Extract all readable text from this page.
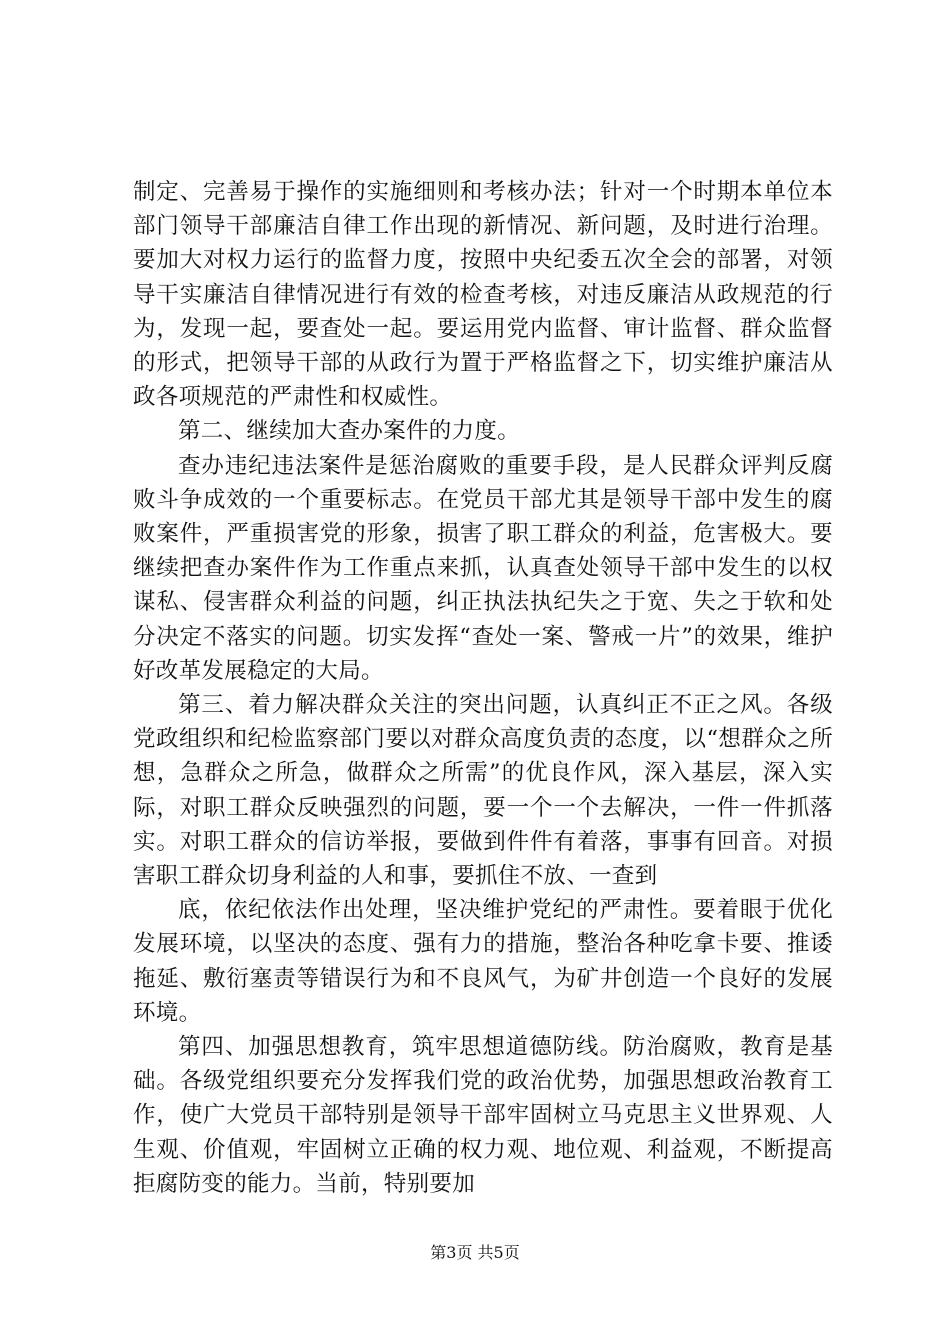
制定、完善易于操作的实施细则和考核办法；针对一个时期本单位本部门领导干部廉洁自律工作出现的新情况、新问题，及时进行治理。要加大对权力运行的监督力度，按照中央纪委五次全会的部署，对领导干实廉洁自律情况进行有效的检查考核，对违反廉洁从政规范的行为，发现一起，要查处一起。要运用党内监督、审计监督、群众监督的形式，把领导干部的从政行为置于严格监督之下，切实维护廉洁从政各项规范的严肃性和权威性。

第二、继续加大查办案件的力度。

查办违纪违法案件是惩治腐败的重要手段，是人民群众评判反腐败斗争成效的一个重要标志。在党员干部尤其是领导干部中发生的腐败案件，严重损害党的形象，损害了职工群众的利益，危害极大。要继续把查办案件作为工作重点来抓，认真查处领导干部中发生的以权谋私、侵害群众利益的问题，纠正执法执纪失之于宽、失之于软和处分决定不落实的问题。切实发挥“查处一案、警戒一片”的效果，维护好改革发展稳定的大局。

第三、着力解决群众关注的突出问题，认真纠正不正之风。各级党政组织和纪检监察部门要以对群众高度负责的态度，以“想群众之所想，急群众之所急，做群众之所需”的优良作风，深入基层，深入实际，对职工群众反映强烈的问题，要一个一个去解决，一件一件抓落实。对职工群众的信访举报，要做到件件有着落，事事有回音。对损害职工群众切身利益的人和事，要抓住不放、一查到

底，依纪依法作出处理，坚决维护党纪的严肃性。要着眼于优化发展环境，以坚决的态度、强有力的措施，整治各种吃拿卡要、推诿拖延、敷衍塞责等错误行为和不良风气，为矿井创造一个良好的发展环境。

第四、加强思想教育，筑牢思想道德防线。防治腐败，教育是基础。各级党组织要充分发挥我们党的政治优势，加强思想政治教育工作，使广大党员干部特别是领导干部牢固树立马克思主义世界观、人生观、价值观，牢固树立正确的权力观、地位观、利益观，不断提高拒腐防变的能力。当前，特别要加

第3页 共5页
